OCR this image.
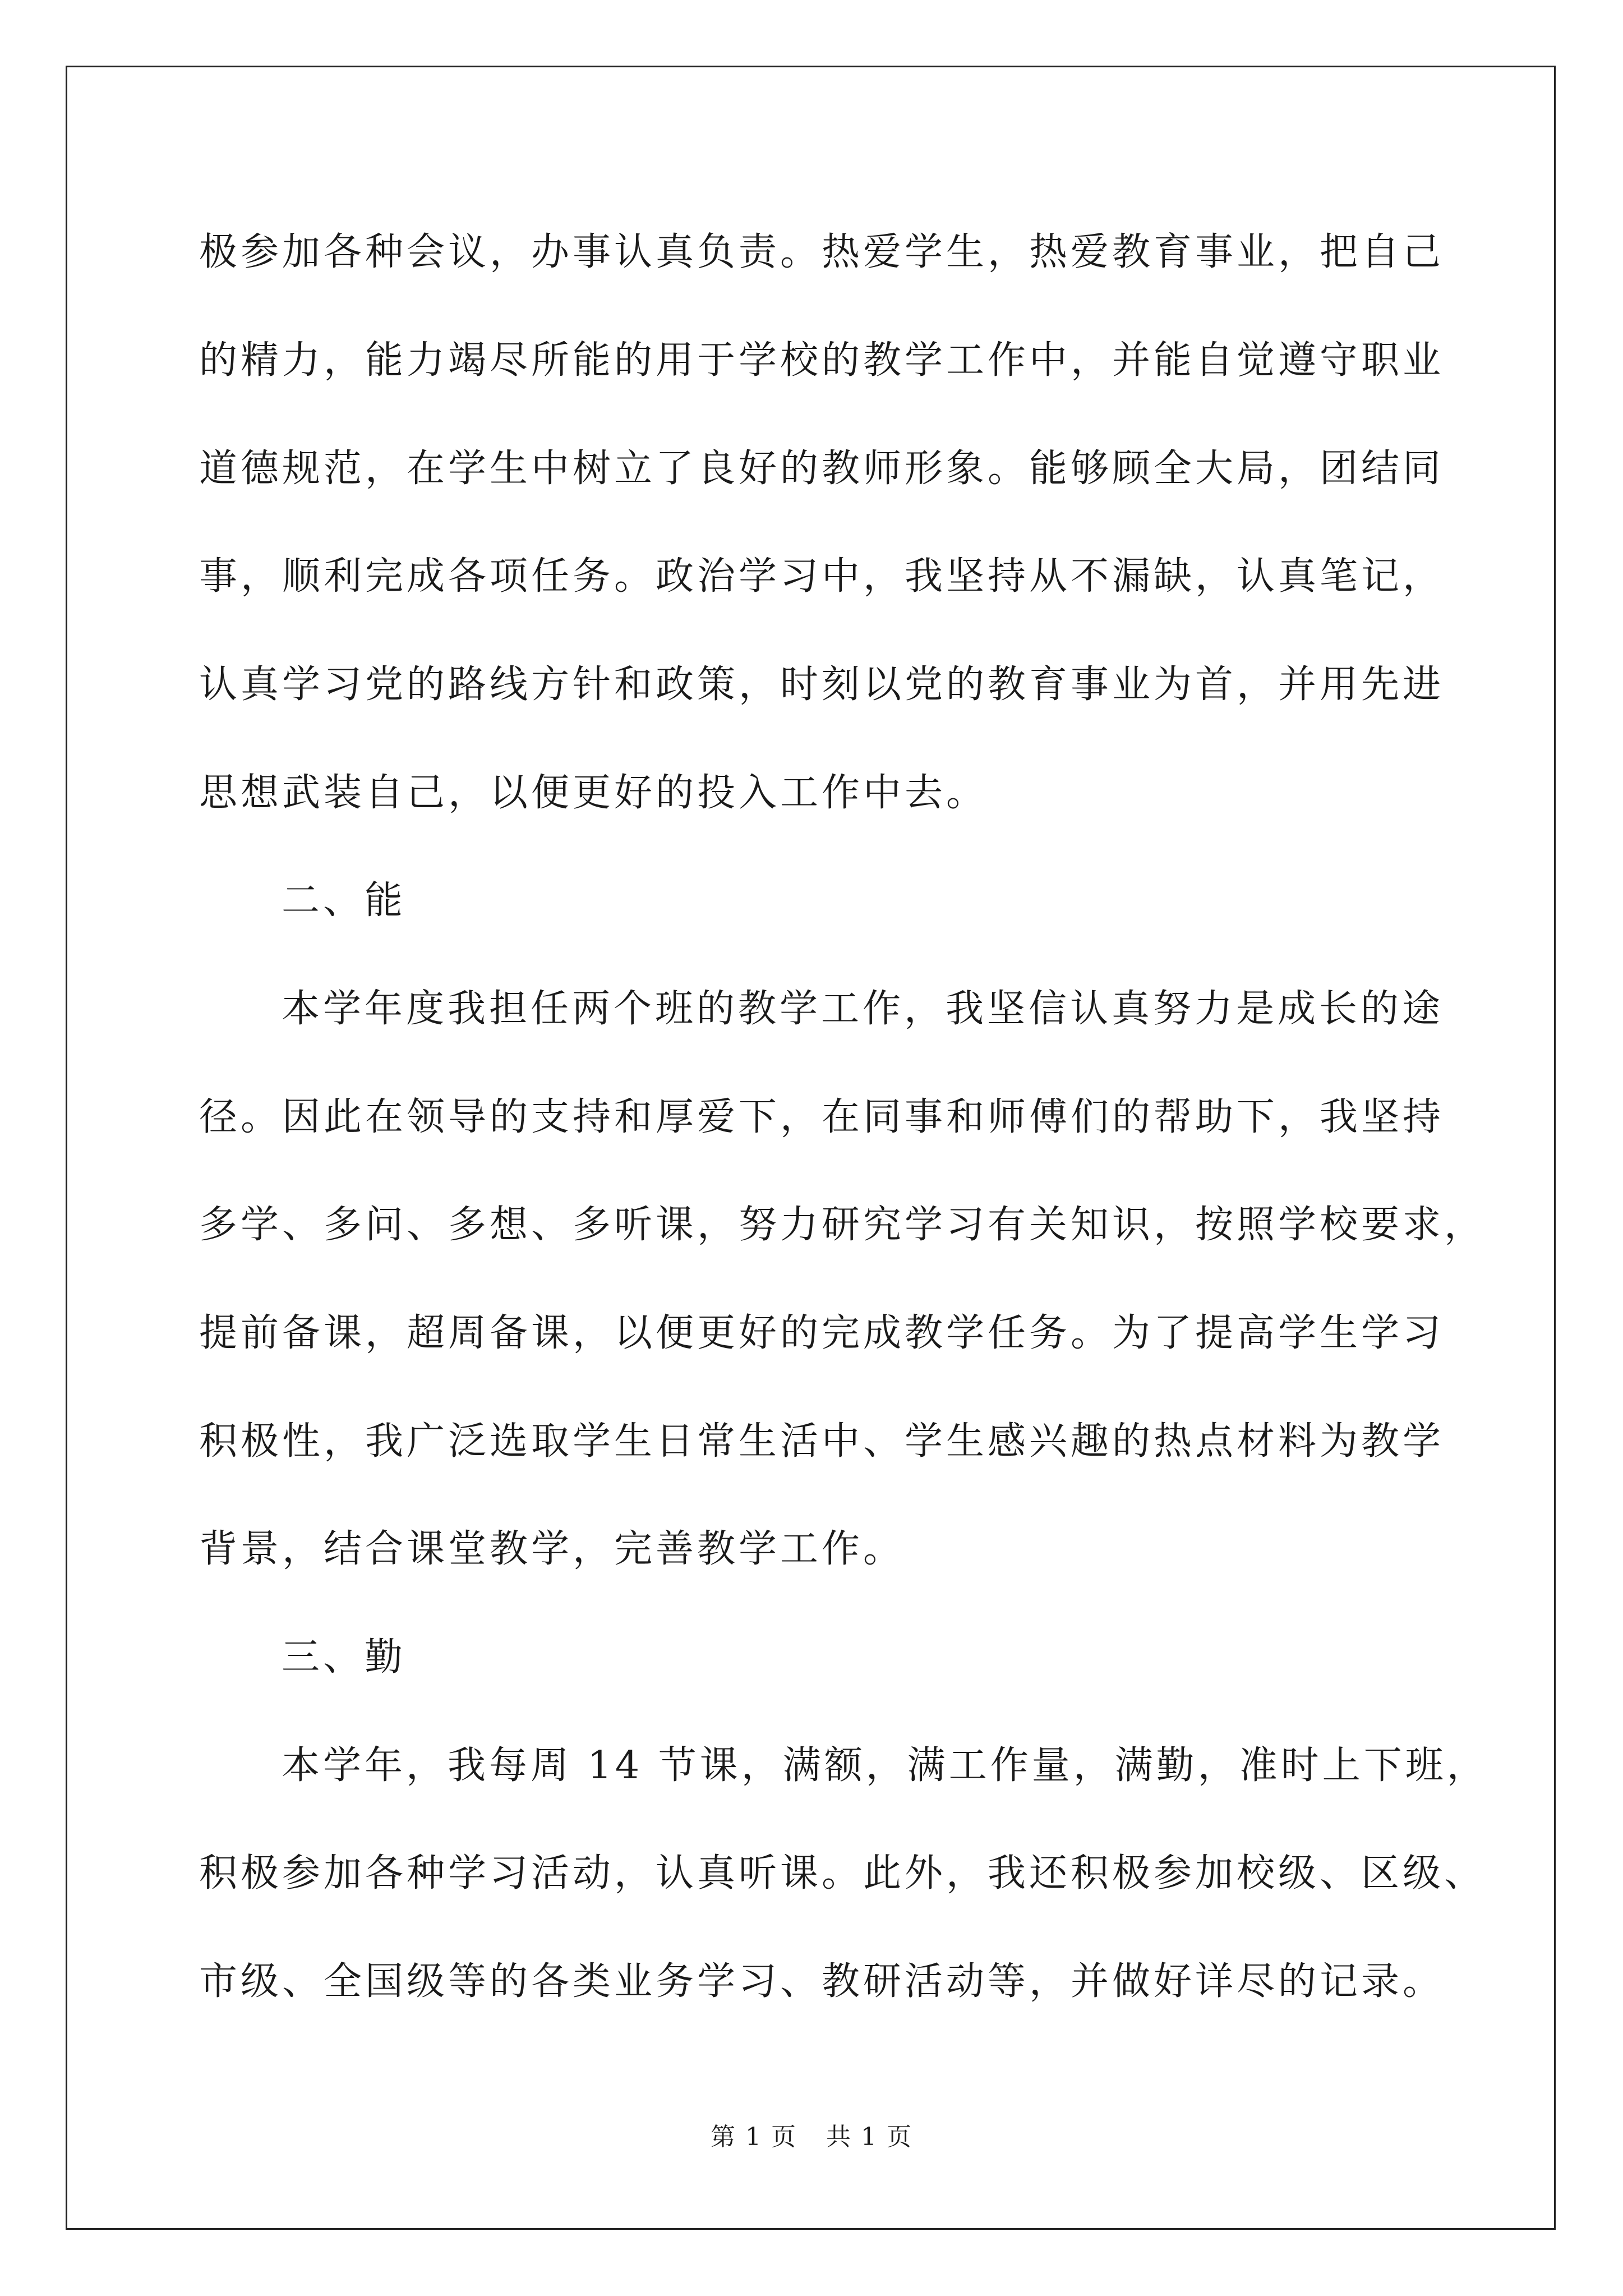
极参加各种会议，办事认真负责。热爱学生，热爱教育事业，把自己
的精力，能力竭尽所能的用于学校的教学工作中，并能自觉遵守职业
道德规范，在学生中树立了良好的教师形象。能够顾全大局，团结同
事，顺利完成各项任务。政治学习中，我坚持从不漏缺，认真笔记，
认真学习党的路线方针和政策，时刻以党的教育事业为首，并用先进
思想武装自己，以便更好的投入工作中去。
二、能
本学年度我担任两个班的教学工作，我坚信认真努力是成长的途
径。因此在领导的支持和厚爱下，在同事和师傅们的帮助下，我坚持
多学、多问、多想、多听课，努力研究学习有关知识，按照学校要求，
提前备课，超周备课，以便更好的完成教学任务。为了提高学生学习
积极性，我广泛选取学生日常生活中、学生感兴趣的热点材料为教学
背景，结合课堂教学，完善教学工作。
三、勤
本学年，我每周 14 节课，满额，满工作量，满勤，准时上下班，
积极参加各种学习活动，认真听课。此外，我还积极参加校级、区级、
市级、全国级等的各类业务学习、教研活动等，并做好详尽的记录。
第 1 页 共 1 页
